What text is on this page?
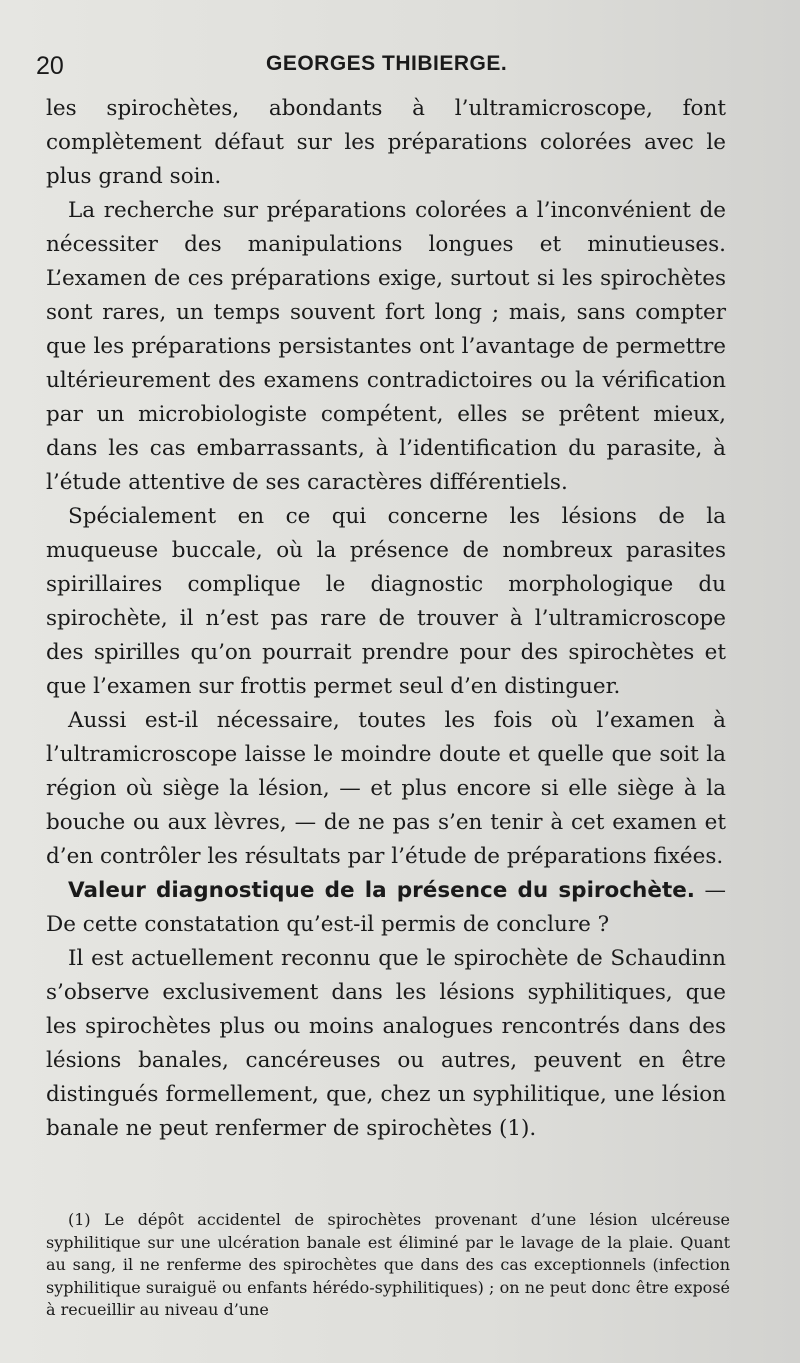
20	GEORGES THIBIERGE.

les spirochètes, abondants à l’ultramicroscope, font complètement défaut sur les préparations colorées avec le plus grand soin.

La recherche sur préparations colorées a l’inconvénient de nécessiter des manipulations longues et minutieuses. L’examen de ces préparations exige, surtout si les spirochètes sont rares, un temps souvent fort long ; mais, sans compter que les préparations persistantes ont l’avantage de permettre ultérieurement des examens contradictoires ou la vérification par un microbiologiste compétent, elles se prêtent mieux, dans les cas embarrassants, à l’identification du parasite, à l’étude attentive de ses caractères différentiels.

Spécialement en ce qui concerne les lésions de la muqueuse buccale, où la présence de nombreux parasites spirillaires complique le diagnostic morphologique du spirochète, il n’est pas rare de trouver à l’ultramicroscope des spirilles qu’on pourrait prendre pour des spirochètes et que l’examen sur frottis permet seul d’en distinguer.

Aussi est-il nécessaire, toutes les fois où l’examen à l’ultramicroscope laisse le moindre doute et quelle que soit la région où siège la lésion, — et plus encore si elle siège à la bouche ou aux lèvres, — de ne pas s’en tenir à cet examen et d’en contrôler les résultats par l’étude de préparations fixées.

Valeur diagnostique de la présence du spirochète. — De cette constatation qu’est-il permis de conclure ?

Il est actuellement reconnu que le spirochète de Schaudinn s’observe exclusivement dans les lésions syphilitiques, que les spirochètes plus ou moins analogues rencontrés dans des lésions banales, cancéreuses ou autres, peuvent en être distingués formellement, que, chez un syphilitique, une lésion banale ne peut renfermer de spirochètes (1).

(1) Le dépôt accidentel de spirochètes provenant d’une lésion ulcéreuse syphilitique sur une ulcération banale est éliminé par le lavage de la plaie. Quant au sang, il ne renferme des spirochètes que dans des cas exceptionnels (infection syphilitique suraiguë ou enfants hérédo-syphilitiques) ; on ne peut donc être exposé à recueillir au niveau d’une
